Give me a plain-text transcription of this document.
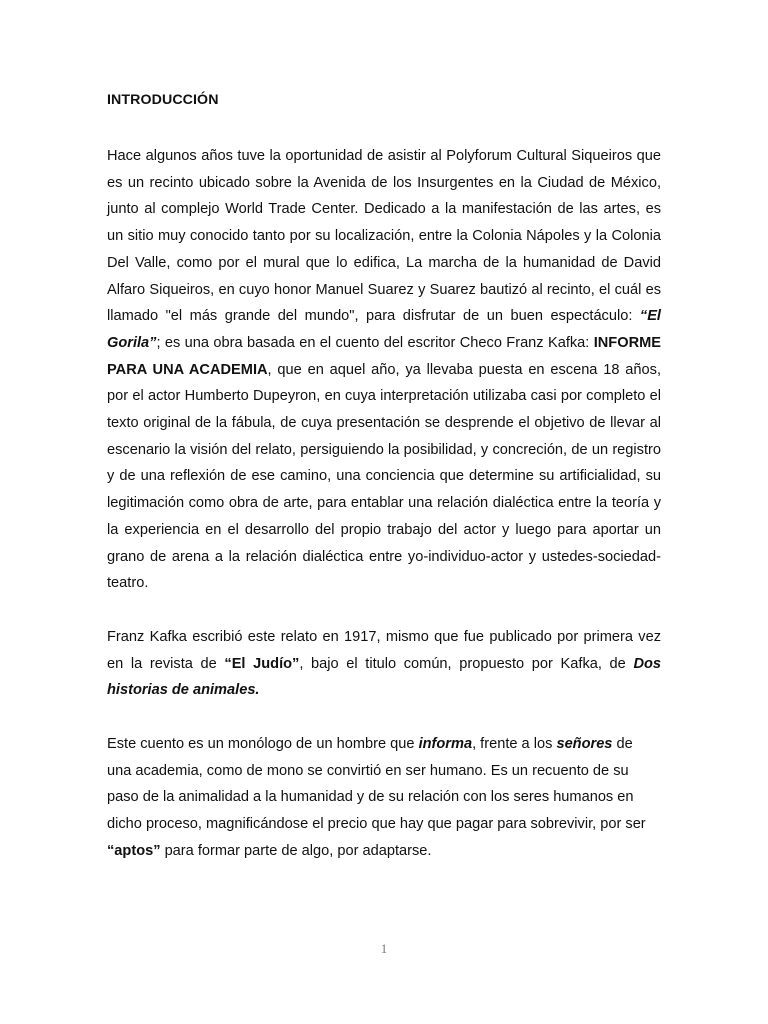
INTRODUCCIÓN

Hace algunos años tuve la oportunidad de asistir al Polyforum Cultural Siqueiros que es un recinto ubicado sobre la Avenida de los Insurgentes en la Ciudad de México, junto al complejo World Trade Center. Dedicado a la manifestación de las artes, es un sitio muy conocido tanto por su localización, entre la Colonia Nápoles y la Colonia Del Valle, como por el mural que lo edifica, La marcha de la humanidad de David Alfaro Siqueiros, en cuyo honor Manuel Suarez y Suarez bautizó al recinto, el cuál es llamado "el más grande del mundo", para disfrutar de un buen espectáculo: “El Gorila”; es una obra basada en el cuento del escritor Checo Franz Kafka: INFORME PARA UNA ACADEMIA, que en aquel año, ya llevaba puesta en escena 18 años, por el actor Humberto Dupeyron, en cuya interpretación utilizaba casi por completo el texto original de la fábula, de cuya presentación se desprende el objetivo de llevar al escenario la visión del relato, persiguiendo la posibilidad, y concreción, de un registro y de una reflexión de ese camino, una conciencia que determine su artificialidad, su legitimación como obra de arte, para entablar una relación dialéctica entre la teoría y la experiencia en el desarrollo del propio trabajo del actor y luego para aportar un grano de arena a la relación dialéctica entre yo-individuo-actor y ustedes-sociedad-teatro.

Franz Kafka escribió este relato en 1917, mismo que fue publicado por primera vez en la revista de “El Judío”, bajo el titulo común, propuesto por Kafka, de Dos historias de animales.

Este cuento es un monólogo de un hombre que informa, frente a los señores de una academia, como de mono se convirtió en ser humano. Es un recuento de su paso de la animalidad a la humanidad y de su relación con los seres humanos en dicho proceso, magnificándose el precio que hay que pagar para sobrevivir, por ser “aptos” para formar parte de algo, por adaptarse.

1
